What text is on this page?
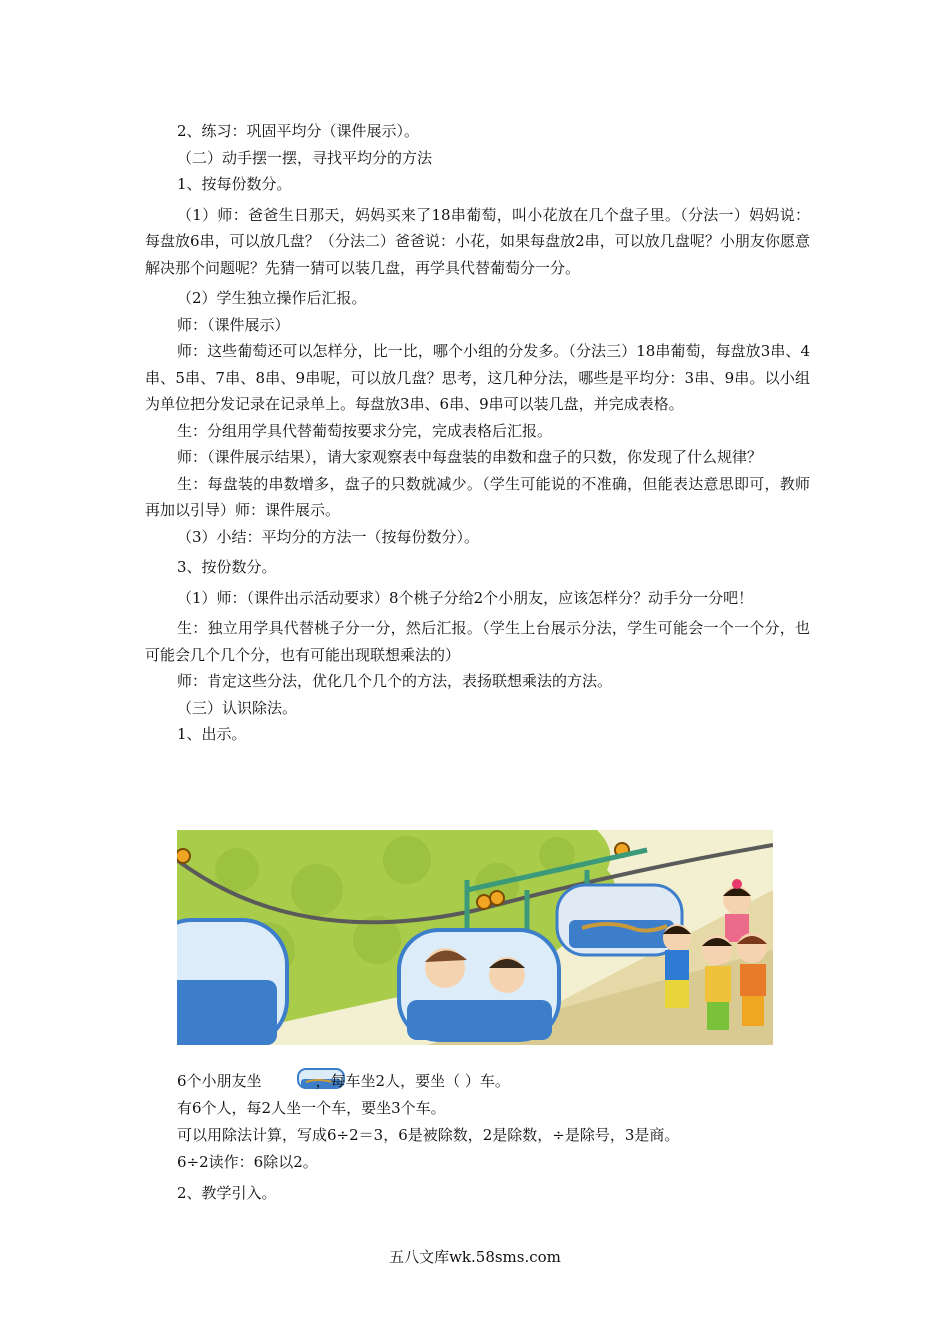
2、练习：巩固平均分（课件展示）。

（二）动手摆一摆，寻找平均分的方法

1、按每份数分。

（1）师：爸爸生日那天，妈妈买来了18串葡萄，叫小花放在几个盘子里。（分法一）妈妈说：每盘放6串，可以放几盘？（分法二）爸爸说：小花，如果每盘放2串，可以放几盘呢？小朋友你愿意解决那个问题呢？先猜一猜可以装几盘，再学具代替葡萄分一分。

（2）学生独立操作后汇报。

师：（课件展示）

师：这些葡萄还可以怎样分，比一比，哪个小组的分发多。（分法三）18串葡萄，每盘放3串、4串、5串、7串、8串、9串呢，可以放几盘？思考，这几种分法，哪些是平均分：3串、9串。以小组为单位把分发记录在记录单上。每盘放3串、6串、9串可以装几盘，并完成表格。

生：分组用学具代替葡萄按要求分完，完成表格后汇报。

师：（课件展示结果），请大家观察表中每盘装的串数和盘子的只数，你发现了什么规律？

生：每盘装的串数增多，盘子的只数就减少。（学生可能说的不准确，但能表达意思即可，教师再加以引导）师：课件展示。

（3）小结：平均分的方法一（按每份数分）。

3、按份数分。

（1）师：（课件出示活动要求）8个桃子分给2个小朋友，应该怎样分？动手分一分吧！

生：独立用学具代替桃子分一分，然后汇报。（学生上台展示分法，学生可能会一个一个分，也可能会几个几个分，也有可能出现联想乘法的）

师：肯定这些分法，优化几个几个的方法，表扬联想乘法的方法。

（三）认识除法。

1、出示。

6个小朋友坐	，每车坐2人，要坐（ ）车。

有6个人，每2人坐一个车，要坐3个车。

可以用除法计算，写成6÷2＝3，6是被除数，2是除数，÷是除号，3是商。

6÷2读作：6除以2。

2、教学引入。

五八文库wk.58sms.com
